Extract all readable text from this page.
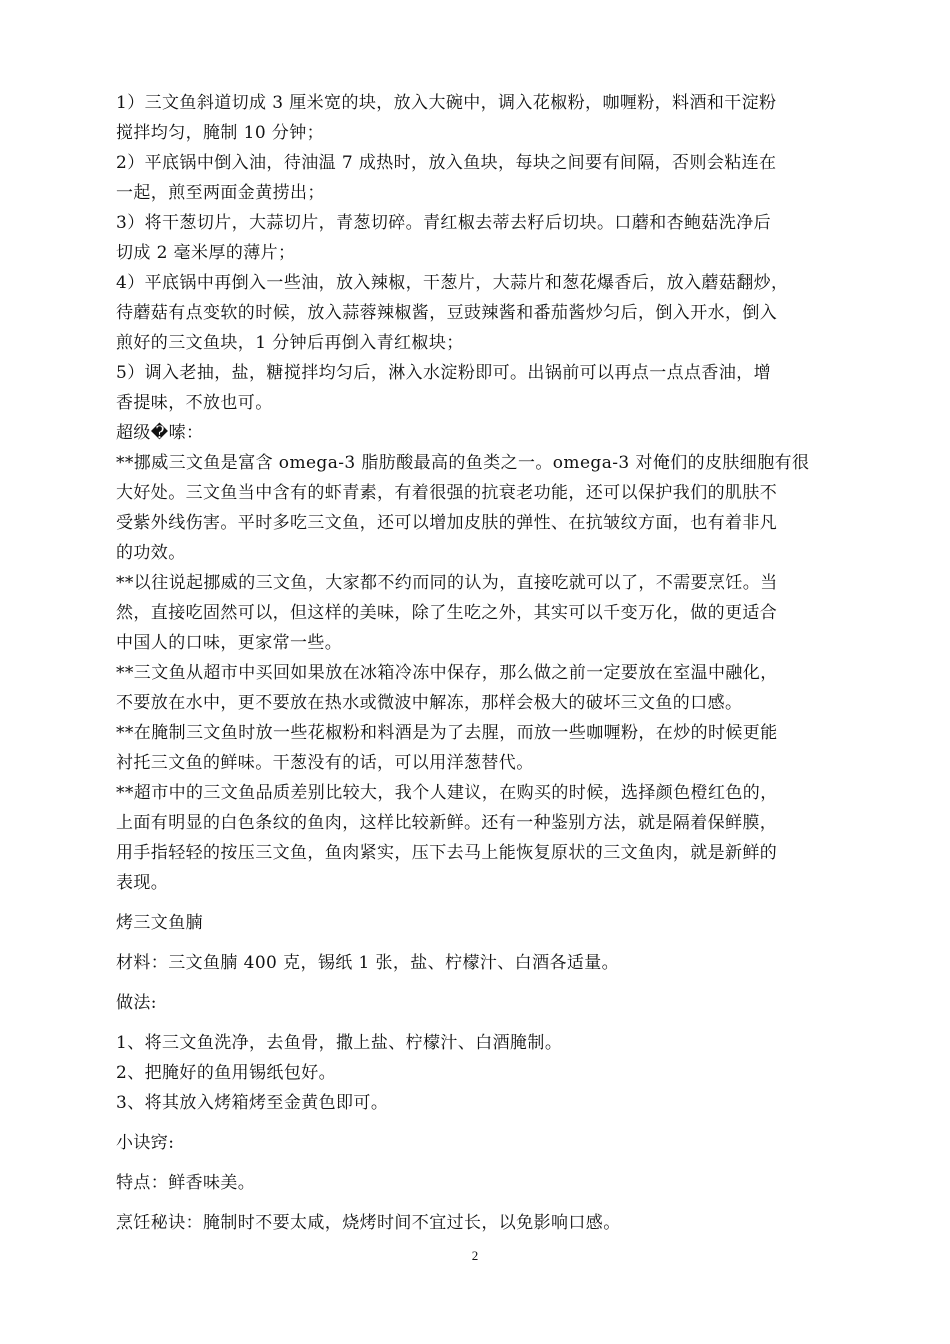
1）三文鱼斜道切成 3 厘米宽的块，放入大碗中，调入花椒粉，咖喱粉，料酒和干淀粉
搅拌均匀，腌制 10 分钟；
2）平底锅中倒入油，待油温 7 成热时，放入鱼块，每块之间要有间隔，否则会粘连在
一起，煎至两面金黄捞出；
3）将干葱切片，大蒜切片，青葱切碎。青红椒去蒂去籽后切块。口蘑和杏鲍菇洗净后
切成 2 毫米厚的薄片；
4）平底锅中再倒入一些油，放入辣椒，干葱片，大蒜片和葱花爆香后，放入蘑菇翻炒，
待蘑菇有点变软的时候，放入蒜蓉辣椒酱，豆豉辣酱和番茄酱炒匀后，倒入开水，倒入
煎好的三文鱼块，1 分钟后再倒入青红椒块；
5）调入老抽，盐，糖搅拌均匀后，淋入水淀粉即可。出锅前可以再点一点点香油，增
香提味，不放也可。
超级�嗦：
**挪威三文鱼是富含 omega-3 脂肪酸最高的鱼类之一。omega-3 对俺们的皮肤细胞有很
大好处。三文鱼当中含有的虾青素，有着很强的抗衰老功能，还可以保护我们的肌肤不
受紫外线伤害。平时多吃三文鱼，还可以增加皮肤的弹性、在抗皱纹方面，也有着非凡
的功效。
**以往说起挪威的三文鱼，大家都不约而同的认为，直接吃就可以了，不需要烹饪。当
然，直接吃固然可以，但这样的美味，除了生吃之外，其实可以千变万化，做的更适合
中国人的口味，更家常一些。
**三文鱼从超市中买回如果放在冰箱冷冻中保存，那么做之前一定要放在室温中融化，
不要放在水中，更不要放在热水或微波中解冻，那样会极大的破坏三文鱼的口感。
**在腌制三文鱼时放一些花椒粉和料酒是为了去腥，而放一些咖喱粉，在炒的时候更能
衬托三文鱼的鲜味。干葱没有的话，可以用洋葱替代。
**超市中的三文鱼品质差别比较大，我个人建议，在购买的时候，选择颜色橙红色的，
上面有明显的白色条纹的鱼肉，这样比较新鲜。还有一种鉴别方法，就是隔着保鲜膜，
用手指轻轻的按压三文鱼，鱼肉紧实，压下去马上能恢复原状的三文鱼肉，就是新鲜的
表现。
烤三文鱼腩
材料：三文鱼腩 400 克，锡纸 1 张，盐、柠檬汁、白酒各适量。
做法:
1、将三文鱼洗净，去鱼骨，撒上盐、柠檬汁、白酒腌制。
2、把腌好的鱼用锡纸包好。
3、将其放入烤箱烤至金黄色即可。
小诀窍:
特点：鲜香味美。
烹饪秘诀：腌制时不要太咸，烧烤时间不宜过长，以免影响口感。
2
